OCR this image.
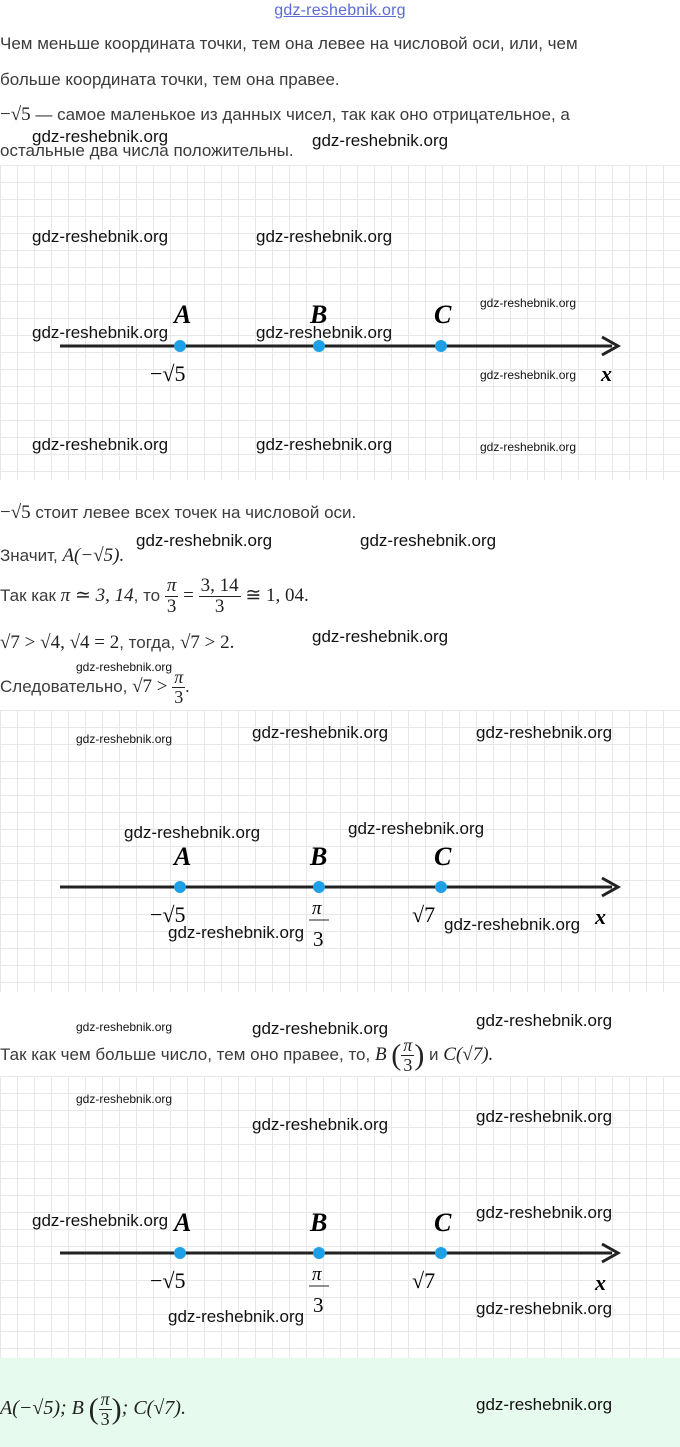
gdz-reshebnik.org
Чем меньше координата точки, тем она левее на числовой оси, или, чем
больше координата точки, тем она правее.
−√5 — самое маленькое из данных чисел, так как оно отрицательное, а
остальные два числа положительны.
x
A	B	C
−√5
−√5 стоит левее всех точек на числовой оси.
Значит, A(−√5).
Так как π ≃ 3, 14, то $\frac{\pi}{3} = \frac{3, 14}{3}$ ≅ 1, 04.
√7 > √4, √4 = 2, тогда, √7 > 2.
Следовательно, $√7 > \frac{\pi}{3}$ .
x
A	B	C
−√5	π
3
√7
Так как чем больше число, тем оно правее, то, B ( $\frac{\pi}{3}$ ) и C(√7).
x
A	B	C
−√5	π
3
√7
A(−√5); B ( $\frac{\pi}{3}$ ); C(√7).
gdz-reshebnik.org	gdz-reshebnik.org
gdz-reshebnik.org	gdz-reshebnik.org
gdz-reshebnik.org
gdz-reshebnik.org	gdz-reshebnik.org
gdz-reshebnik.org
gdz-reshebnik.org	gdz-reshebnik.org	gdz-reshebnik.org
gdz-reshebnik.org	gdz-reshebnik.org
gdz-reshebnik.org
gdz-reshebnik.org
gdz-reshebnik.org	gdz-reshebnik.org
gdz-reshebnik.org
gdz-reshebnik.org
gdz-reshebnik.org
gdz-reshebnik.org
gdz-reshebnik.org
gdz-reshebnik.org
gdz-reshebnik.org	gdz-reshebnik.org
gdz-reshebnik.org
gdz-reshebnik.org
gdz-reshebnik.org
gdz-reshebnik.org
gdz-reshebnik.org
gdz-reshebnik.org
gdz-reshebnik.org
gdz-reshebnik.org
